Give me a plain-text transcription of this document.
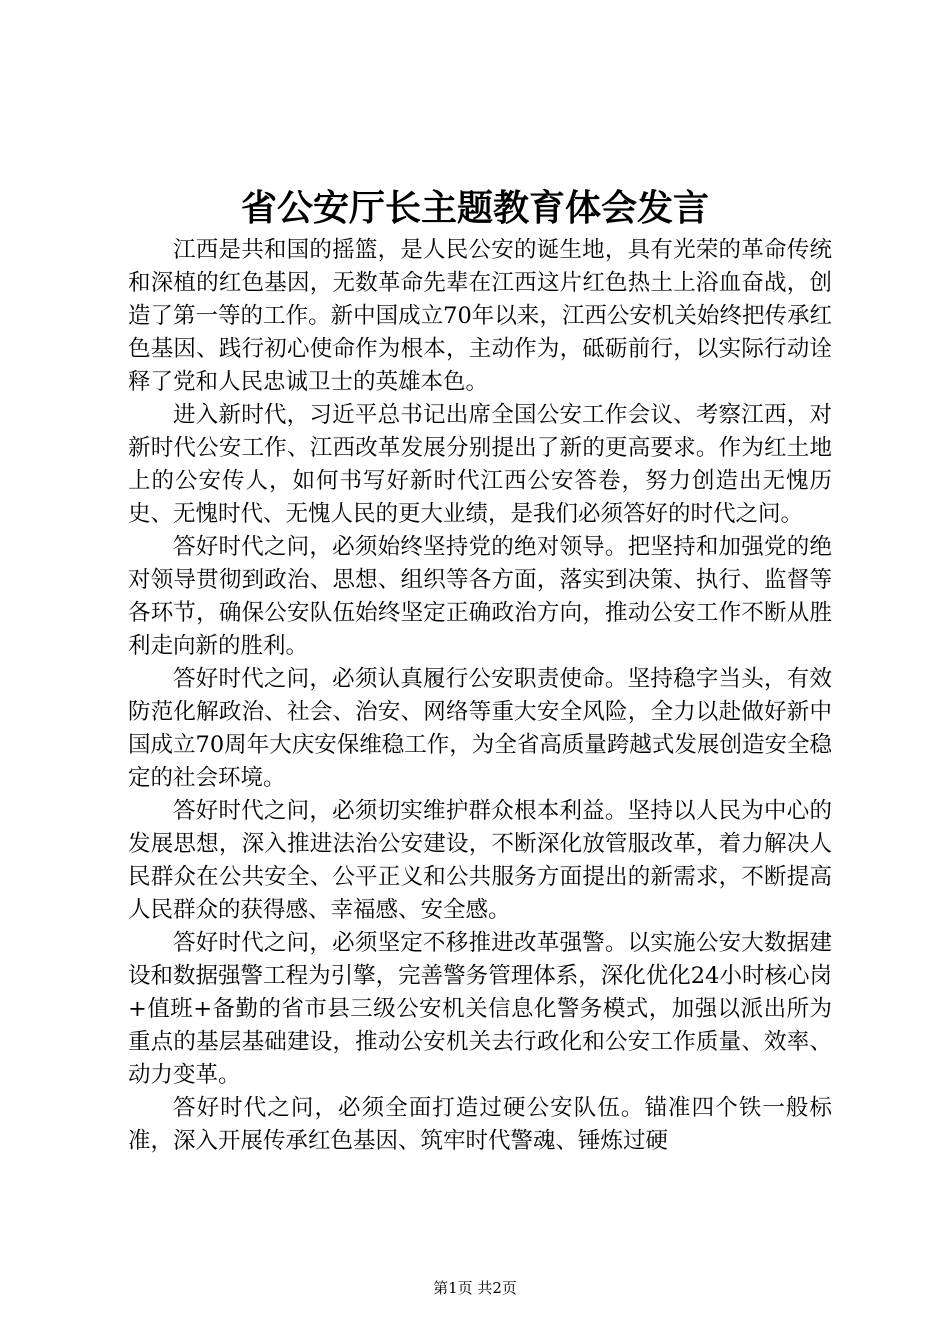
省公安厅长主题教育体会发言

江西是共和国的摇篮，是人民公安的诞生地，具有光荣的革命传统和深植的红色基因，无数革命先辈在江西这片红色热土上浴血奋战，创造了第一等的工作。新中国成立70年以来，江西公安机关始终把传承红色基因、践行初心使命作为根本，主动作为，砥砺前行，以实际行动诠释了党和人民忠诚卫士的英雄本色。

进入新时代，习近平总书记出席全国公安工作会议、考察江西，对新时代公安工作、江西改革发展分别提出了新的更高要求。作为红土地上的公安传人，如何书写好新时代江西公安答卷，努力创造出无愧历史、无愧时代、无愧人民的更大业绩，是我们必须答好的时代之问。

答好时代之问，必须始终坚持党的绝对领导。把坚持和加强党的绝对领导贯彻到政治、思想、组织等各方面，落实到决策、执行、监督等各环节，确保公安队伍始终坚定正确政治方向，推动公安工作不断从胜利走向新的胜利。

答好时代之问，必须认真履行公安职责使命。坚持稳字当头，有效防范化解政治、社会、治安、网络等重大安全风险，全力以赴做好新中国成立70周年大庆安保维稳工作，为全省高质量跨越式发展创造安全稳定的社会环境。

答好时代之问，必须切实维护群众根本利益。坚持以人民为中心的发展思想，深入推进法治公安建设，不断深化放管服改革，着力解决人民群众在公共安全、公平正义和公共服务方面提出的新需求，不断提高人民群众的获得感、幸福感、安全感。

答好时代之问，必须坚定不移推进改革强警。以实施公安大数据建设和数据强警工程为引擎，完善警务管理体系，深化优化24小时核心岗+值班+备勤的省市县三级公安机关信息化警务模式，加强以派出所为重点的基层基础建设，推动公安机关去行政化和公安工作质量、效率、动力变革。

答好时代之问，必须全面打造过硬公安队伍。锚准四个铁一般标准，深入开展传承红色基因、筑牢时代警魂、锤炼过硬

第1页 共2页
